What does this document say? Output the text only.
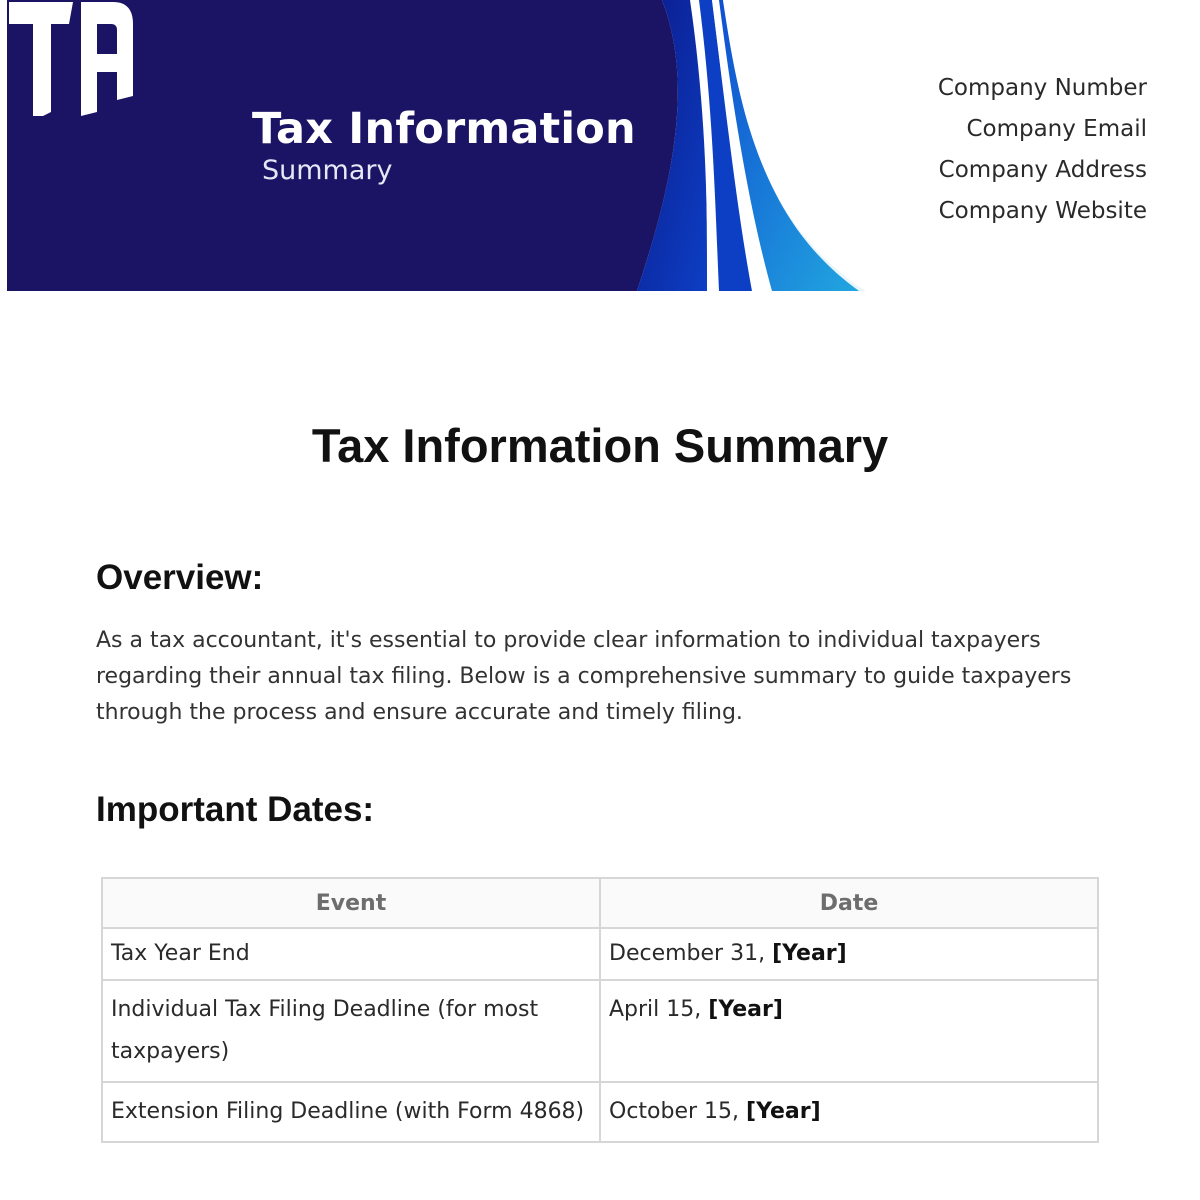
Tax Information
Summary
Company Number
Company Email
Company Address
Company Website
Tax Information Summary
Overview:
As a tax accountant, it's essential to provide clear information to individual taxpayers regarding their annual tax filing. Below is a comprehensive summary to guide taxpayers through the process and ensure accurate and timely filing.
Important Dates:
Event	Date
Tax Year End	December 31, [Year]
Individual Tax Filing Deadline (for most taxpayers)	April 15, [Year]
Extension Filing Deadline (with Form 4868)	October 15, [Year]
